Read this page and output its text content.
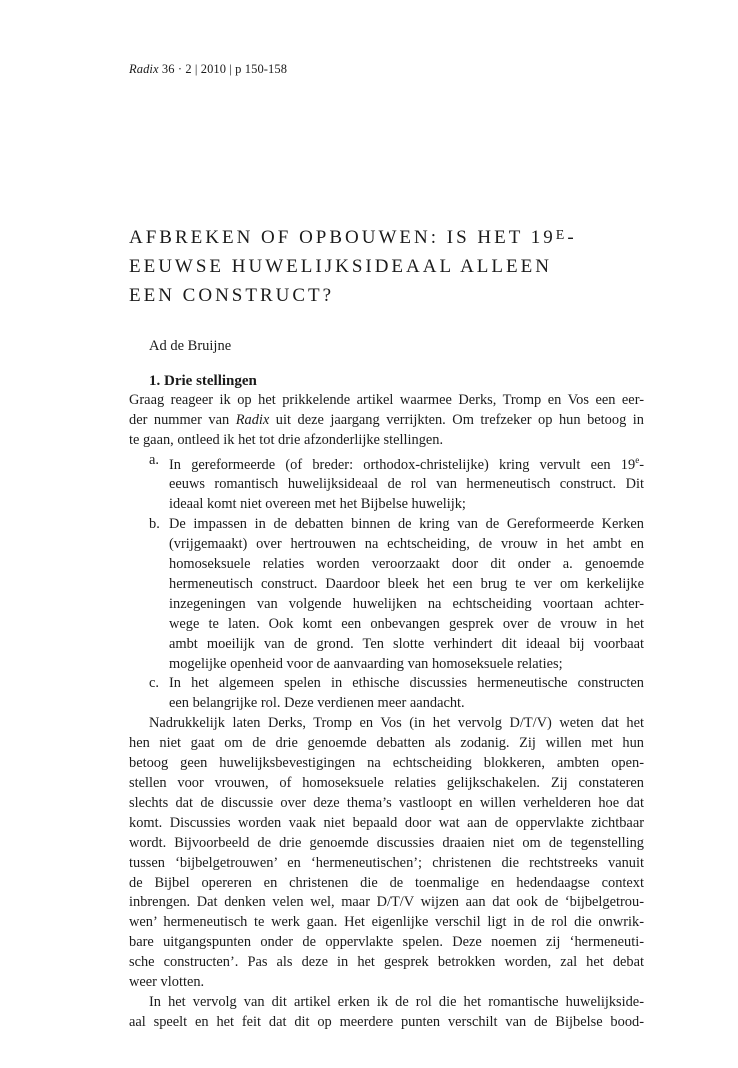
Radix 36 · 2 | 2010 | p 150-158
AFBREKEN OF OPBOUWEN: IS HET $19^E-$
EEUWSE HUWELIJKSIDEAAL ALLEEN
EEN CONSTRUCT?
Ad de Bruijne
1. Drie stellingen

Graag reageer ik op het prikkelende artikel waarmee Derks, Tromp en Vos een eer-
der nummer van Radix uit deze jaargang verrijkten. Om trefzeker op hun betoog in
te gaan, ontleed ik het tot drie afzonderlijke stellingen.

a. In gereformeerde (of breder: orthodox-christelijke) kring vervult een 19e-
eeuws romantisch huwelijksideaal de rol van hermeneutisch construct. Dit
ideaal komt niet overeen met het Bijbelse huwelijk;
b. De impassen in de debatten binnen de kring van de Gereformeerde Kerken
(vrijgemaakt) over hertrouwen na echtscheiding, de vrouw in het ambt en
homoseksuele relaties worden veroorzaakt door dit onder a. genoemde
hermeneutisch construct. Daardoor bleek het een brug te ver om kerkelijke
inzegeningen van volgende huwelijken na echtscheiding voortaan achter-
wege te laten. Ook komt een onbevangen gesprek over de vrouw in het
ambt moeilijk van de grond. Ten slotte verhindert dit ideaal bij voorbaat
mogelijke openheid voor de aanvaarding van homoseksuele relaties;
c. In het algemeen spelen in ethische discussies hermeneutische constructen
een belangrijke rol. Deze verdienen meer aandacht.

Nadrukkelijk laten Derks, Tromp en Vos (in het vervolg D/T/V) weten dat het
hen niet gaat om de drie genoemde debatten als zodanig. Zij willen met hun
betoog geen huwelijksbevestigingen na echtscheiding blokkeren, ambten open-
stellen voor vrouwen, of homoseksuele relaties gelijkschakelen. Zij constateren
slechts dat de discussie over deze thema’s vastloopt en willen verhelderen hoe dat
komt. Discussies worden vaak niet bepaald door wat aan de oppervlakte zichtbaar
wordt. Bijvoorbeeld de drie genoemde discussies draaien niet om de tegenstelling
tussen ‘bijbelgetrouwen’ en ‘hermeneutischen’; christenen die rechtstreeks vanuit
de Bijbel opereren en christenen die de toenmalige en hedendaagse context
inbrengen. Dat denken velen wel, maar D/T/V wijzen aan dat ook de ‘bijbelgetrou-
wen’ hermeneutisch te werk gaan. Het eigenlijke verschil ligt in de rol die onwrik-
bare uitgangspunten onder de oppervlakte spelen. Deze noemen zij ‘hermeneuti-
sche constructen’. Pas als deze in het gesprek betrokken worden, zal het debat
weer vlotten.

In het vervolg van dit artikel erken ik de rol die het romantische huwelijkside-
aal speelt en het feit dat dit op meerdere punten verschilt van de Bijbelse bood-
